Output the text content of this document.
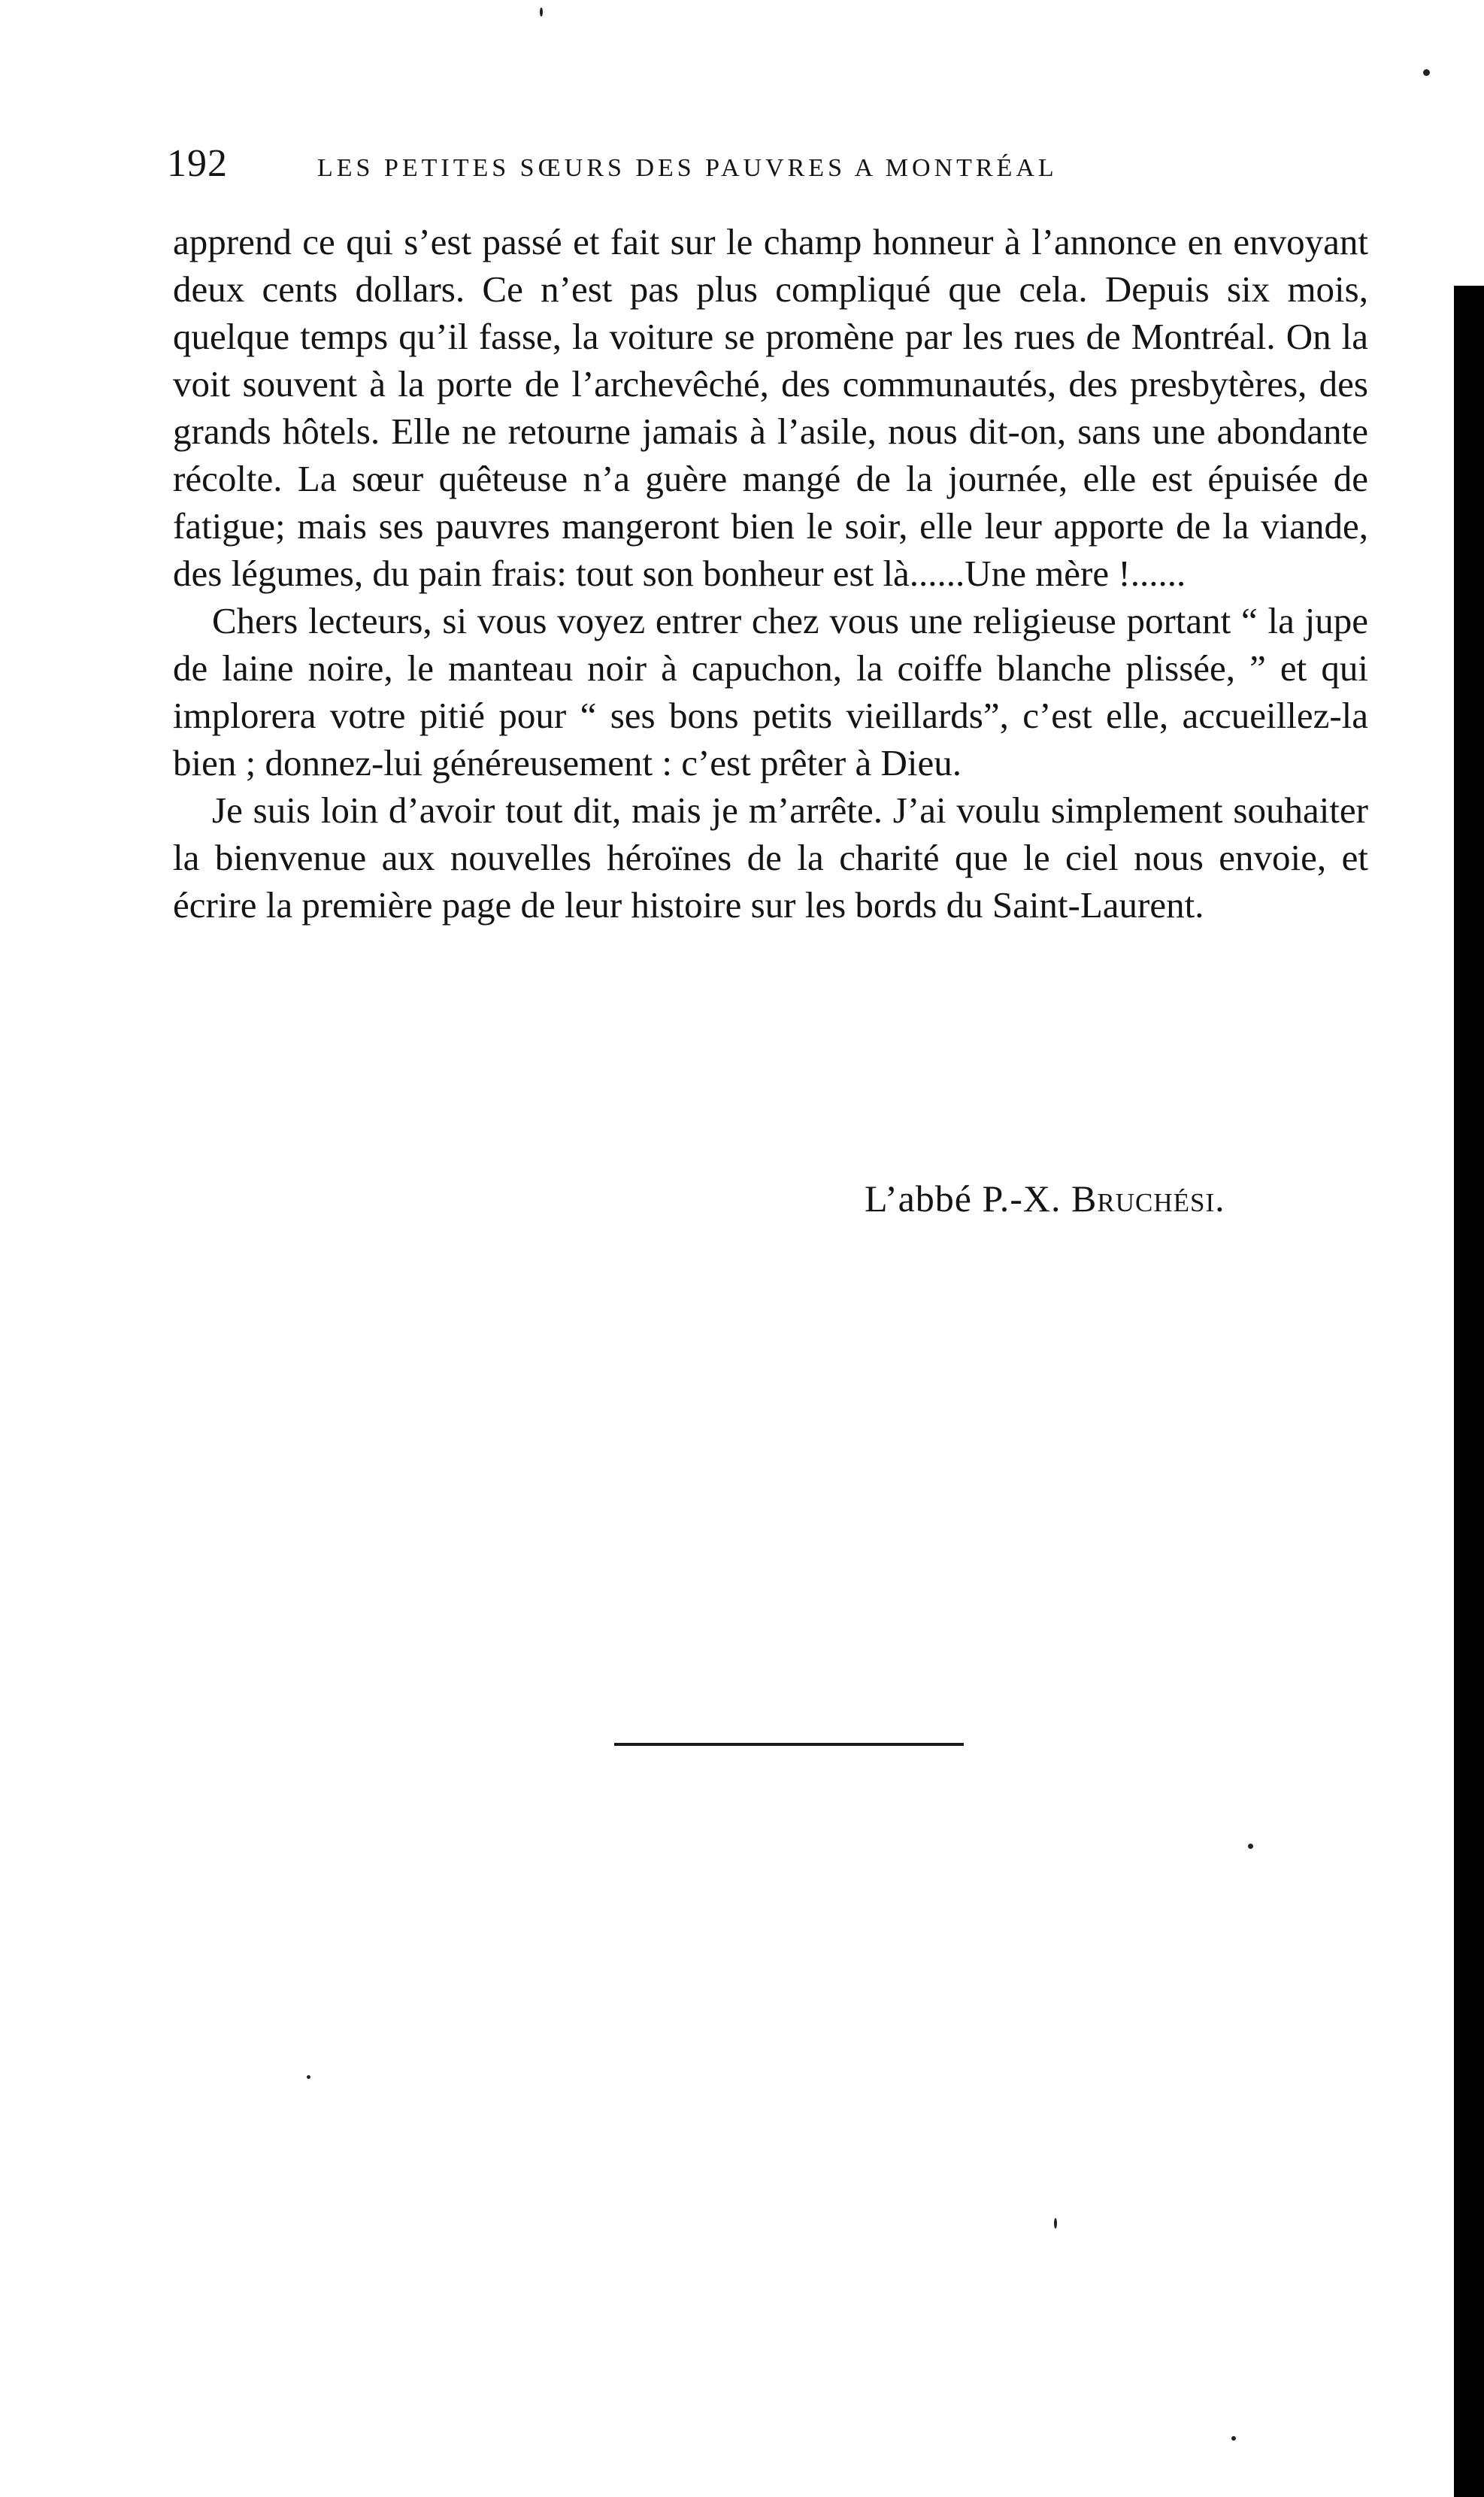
192	LES PETITES SŒURS DES PAUVRES A MONTRÉAL

apprend ce qui s’est passé et fait sur le champ honneur à l’annonce en envoyant deux cents dollars. Ce n’est pas plus compliqué que cela. Depuis six mois, quelque temps qu’il fasse, la voiture se promène par les rues de Montréal. On la voit souvent à la porte de l’archevêché, des communautés, des presbytères, des grands hôtels. Elle ne retourne jamais à l’asile, nous dit-on, sans une abondante récolte. La sœur quêteuse n’a guère mangé de la journée, elle est épuisée de fatigue; mais ses pauvres mangeront bien le soir, elle leur apporte de la viande, des légumes, du pain frais: tout son bonheur est là......Une mère !......

Chers lecteurs, si vous voyez entrer chez vous une religieuse portant “ la jupe de laine noire, le manteau noir à capuchon, la coiffe blanche plissée, ” et qui implorera votre pitié pour “ ses bons petits vieillards”, c’est elle, accueillez-la bien ; donnez-lui généreusement : c’est prêter à Dieu.

Je suis loin d’avoir tout dit, mais je m’arrête. J’ai voulu simplement souhaiter la bienvenue aux nouvelles héroïnes de la charité que le ciel nous envoie, et écrire la première page de leur histoire sur les bords du Saint-Laurent.

L’abbé P.-X. Bruchési.
